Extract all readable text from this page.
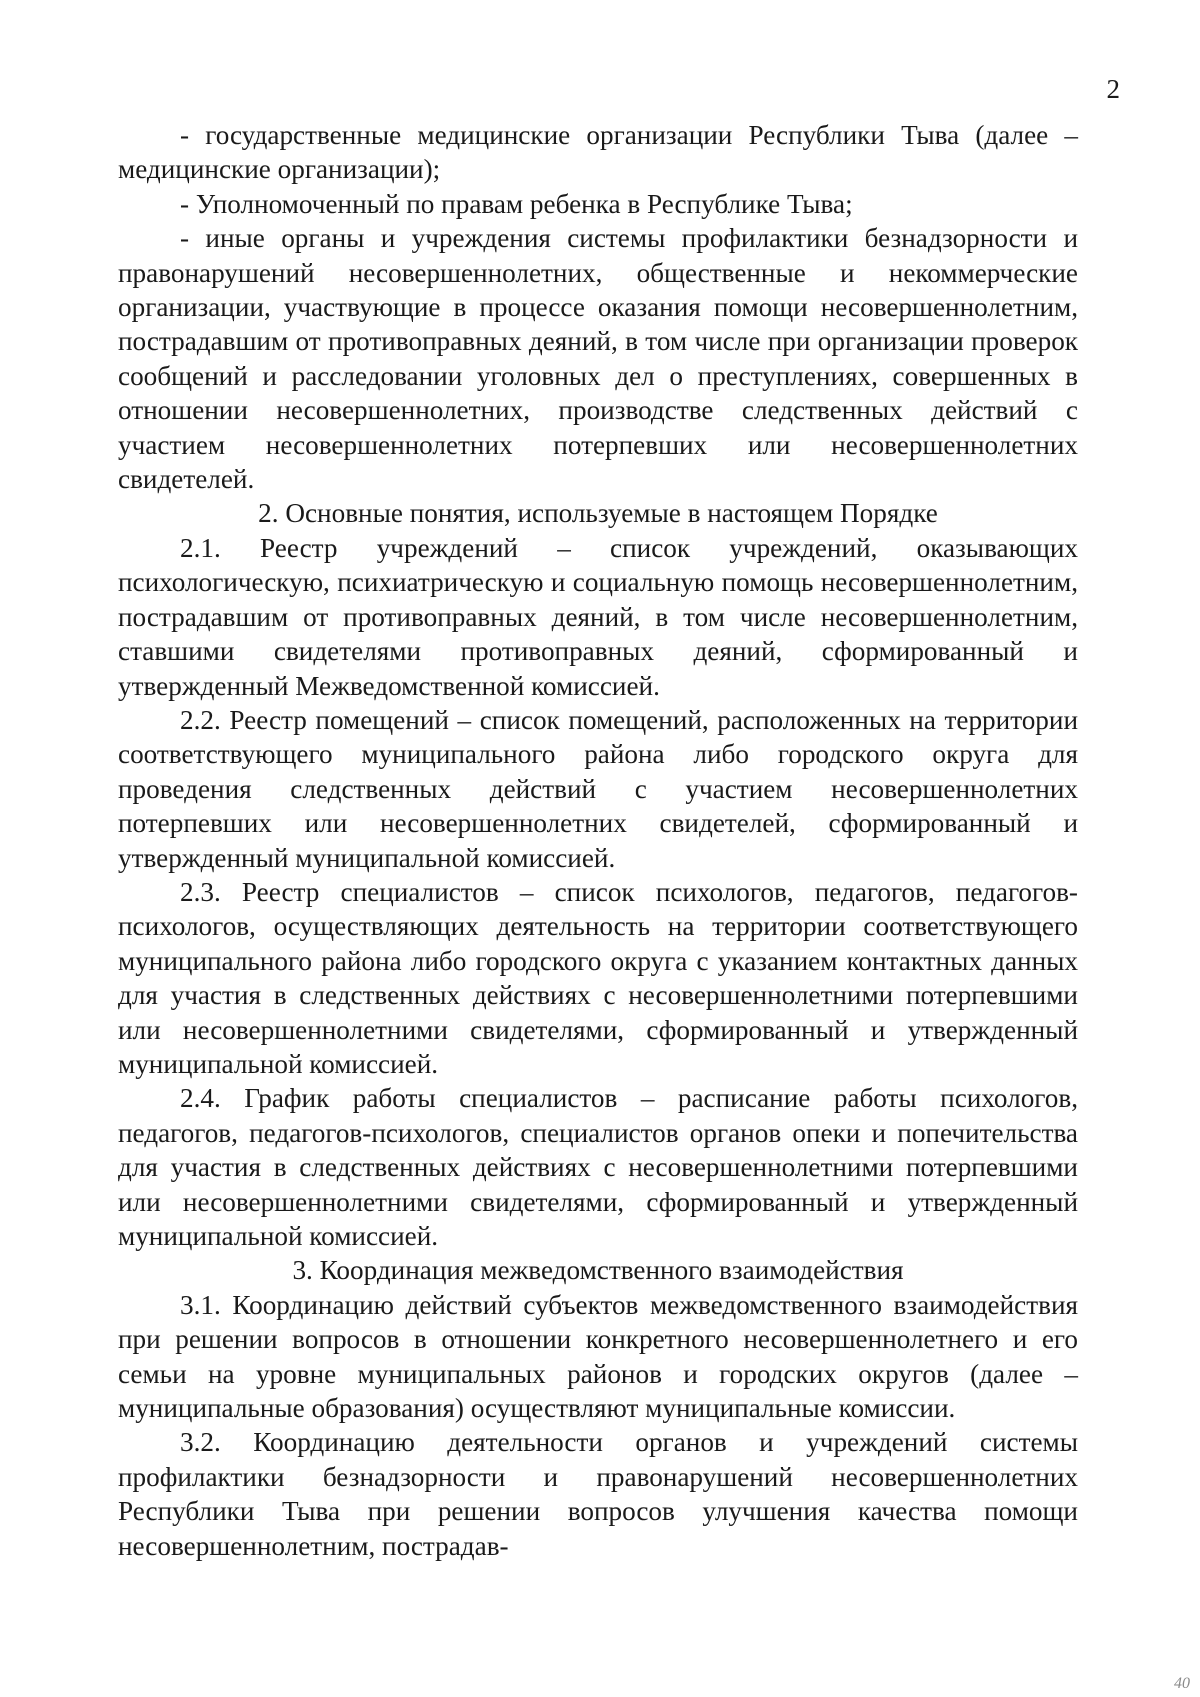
2

- государственные медицинские организации Республики Тыва (далее – медицинские организации);

- Уполномоченный по правам ребенка в Республике Тыва;

- иные органы и учреждения системы профилактики безнадзорности и правонарушений несовершеннолетних, общественные и некоммерческие организации, участвующие в процессе оказания помощи несовершеннолетним, пострадавшим от противоправных деяний, в том числе при организации проверок сообщений и расследовании уголовных дел о преступлениях, совершенных в отношении несовершеннолетних, производстве следственных действий с участием несовершеннолетних потерпевших или несовершеннолетних свидетелей.

2. Основные понятия, используемые в настоящем Порядке

2.1. Реестр учреждений – список учреждений, оказывающих психологическую, психиатрическую и социальную помощь несовершеннолетним, пострадавшим от противоправных деяний, в том числе несовершеннолетним, ставшими свидетелями противоправных деяний, сформированный и утвержденный Межведомственной комиссией.

2.2. Реестр помещений – список помещений, расположенных на территории соответствующего муниципального района либо городского округа для проведения следственных действий с участием несовершеннолетних потерпевших или несовершеннолетних свидетелей, сформированный и утвержденный муниципальной комиссией.

2.3. Реестр специалистов – список психологов, педагогов, педагогов-психологов, осуществляющих деятельность на территории соответствующего муниципального района либо городского округа с указанием контактных данных для участия в следственных действиях с несовершеннолетними потерпевшими или несовершеннолетними свидетелями, сформированный и утвержденный муниципальной комиссией.

2.4. График работы специалистов – расписание работы психологов, педагогов, педагогов-психологов, специалистов органов опеки и попечительства для участия в следственных действиях с несовершеннолетними потерпевшими или несовершеннолетними свидетелями, сформированный и утвержденный муниципальной комиссией.

3. Координация межведомственного взаимодействия

3.1. Координацию действий субъектов межведомственного взаимодействия при решении вопросов в отношении конкретного несовершеннолетнего и его семьи на уровне муниципальных районов и городских округов (далее – муниципальные образования) осуществляют муниципальные комиссии.

3.2. Координацию деятельности органов и учреждений системы профилактики безнадзорности и правонарушений несовершеннолетних Республики Тыва при решении вопросов улучшения качества помощи несовершеннолетним, пострадав-

40
